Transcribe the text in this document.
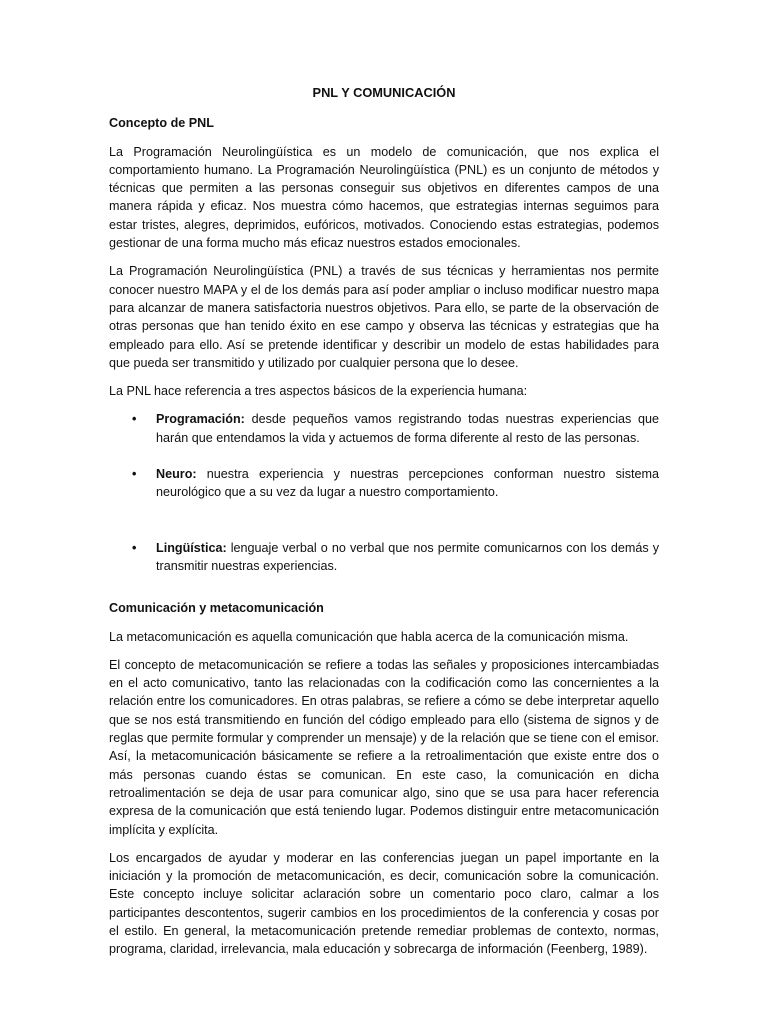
PNL Y COMUNICACIÓN
Concepto de PNL

La Programación Neurolingüística es un modelo de comunicación, que nos explica el comportamiento humano. La Programación Neurolingüística (PNL) es un conjunto de métodos y técnicas que permiten a las personas conseguir sus objetivos en diferentes campos de una manera rápida y eficaz. Nos muestra cómo hacemos, que estrategias internas seguimos para estar tristes, alegres, deprimidos, eufóricos, motivados. Conociendo estas estrategias, podemos gestionar de una forma mucho más eficaz nuestros estados emocionales.

La Programación Neurolingüística (PNL) a través de sus técnicas y herramientas nos permite conocer nuestro MAPA y el de los demás para así poder ampliar o incluso modificar nuestro mapa para alcanzar de manera satisfactoria nuestros objetivos. Para ello, se parte de la observación de otras personas que han tenido éxito en ese campo y observa las técnicas y estrategias que ha empleado para ello. Así se pretende identificar y describir un modelo de estas habilidades para que pueda ser transmitido y utilizado por cualquier persona que lo desee.

La PNL hace referencia a tres aspectos básicos de la experiencia humana:

• Programación: desde pequeños vamos registrando todas nuestras experiencias que harán que entendamos la vida y actuemos de forma diferente al resto de las personas.
• Neuro: nuestra experiencia y nuestras percepciones conforman nuestro sistema neurológico que a su vez da lugar a nuestro comportamiento.
• Lingüística: lenguaje verbal o no verbal que nos permite comunicarnos con los demás y transmitir nuestras experiencias.
Comunicación y metacomunicación

La metacomunicación es aquella comunicación que habla acerca de la comunicación misma.

El concepto de metacomunicación se refiere a todas las señales y proposiciones intercambiadas en el acto comunicativo, tanto las relacionadas con la codificación como las concernientes a la relación entre los comunicadores. En otras palabras, se refiere a cómo se debe interpretar aquello que se nos está transmitiendo en función del código empleado para ello (sistema de signos y de reglas que permite formular y comprender un mensaje) y de la relación que se tiene con el emisor. Así, la metacomunicación básicamente se refiere a la retroalimentación que existe entre dos o más personas cuando éstas se comunican. En este caso, la comunicación en dicha retroalimentación se deja de usar para comunicar algo, sino que se usa para hacer referencia expresa de la comunicación que está teniendo lugar. Podemos distinguir entre metacomunicación implícita y explícita.

Los encargados de ayudar y moderar en las conferencias juegan un papel importante en la iniciación y la promoción de metacomunicación, es decir, comunicación sobre la comunicación. Este concepto incluye solicitar aclaración sobre un comentario poco claro, calmar a los participantes descontentos, sugerir cambios en los procedimientos de la conferencia y cosas por el estilo. En general, la metacomunicación pretende remediar problemas de contexto, normas, programa, claridad, irrelevancia, mala educación y sobrecarga de información (Feenberg, 1989).
